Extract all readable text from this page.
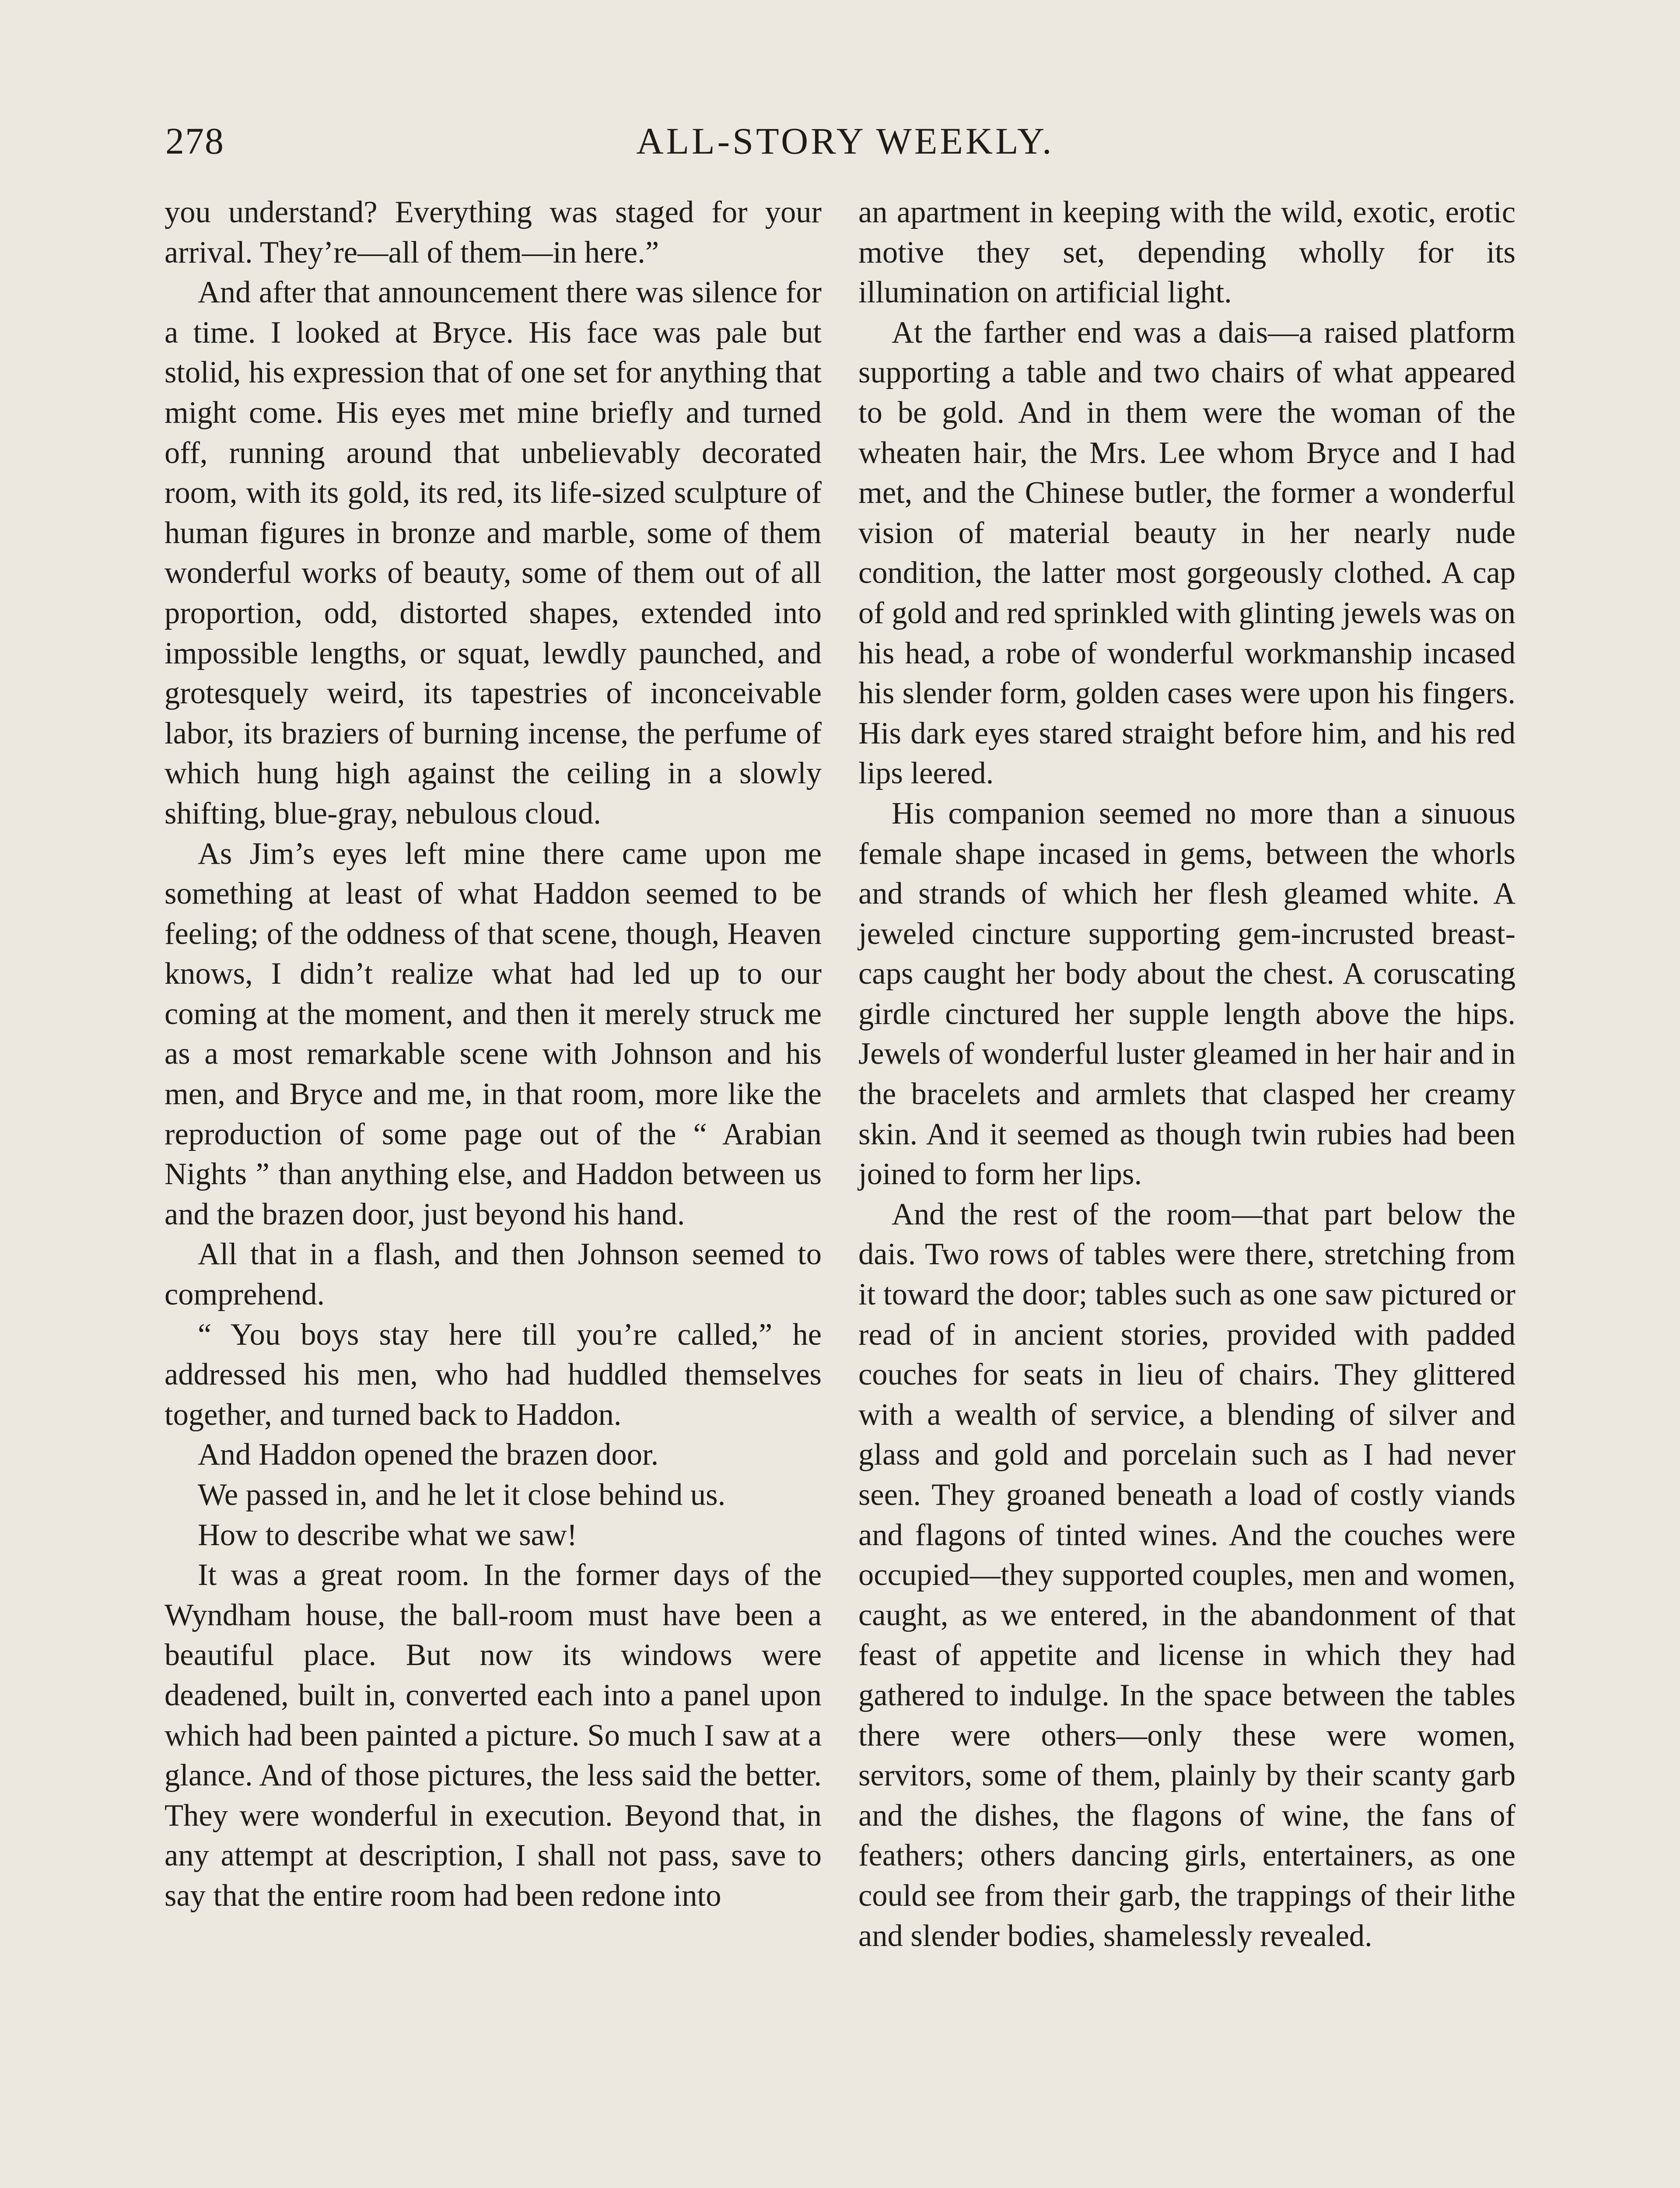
278	ALL-STORY WEEKLY.

you understand? Everything was staged for your arrival. They’re—all of them—in here.”

And after that announcement there was silence for a time. I looked at Bryce. His face was pale but stolid, his expression that of one set for anything that might come. His eyes met mine briefly and turned off, running around that unbelievably decorated room, with its gold, its red, its life-sized sculpture of human figures in bronze and marble, some of them wonderful works of beauty, some of them out of all proportion, odd, distorted shapes, extended into impossible lengths, or squat, lewdly paunched, and grotesquely weird, its tapestries of inconceivable labor, its braziers of burning incense, the perfume of which hung high against the ceiling in a slowly shifting, blue-gray, nebulous cloud.

As Jim’s eyes left mine there came upon me something at least of what Haddon seemed to be feeling; of the oddness of that scene, though, Heaven knows, I didn’t realize what had led up to our coming at the moment, and then it merely struck me as a most remarkable scene with Johnson and his men, and Bryce and me, in that room, more like the reproduction of some page out of the “ Arabian Nights ” than anything else, and Haddon between us and the brazen door, just beyond his hand.

All that in a flash, and then Johnson seemed to comprehend.

“ You boys stay here till you’re called,” he addressed his men, who had huddled themselves together, and turned back to Haddon.

And Haddon opened the brazen door.

We passed in, and he let it close behind us.

How to describe what we saw!

It was a great room. In the former days of the Wyndham house, the ball-room must have been a beautiful place. But now its windows were deadened, built in, converted each into a panel upon which had been painted a picture. So much I saw at a glance. And of those pictures, the less said the better. They were wonderful in execution. Beyond that, in any attempt at description, I shall not pass, save to say that the entire room had been redone into

an apartment in keeping with the wild, exotic, erotic motive they set, depending wholly for its illumination on artificial light.

At the farther end was a dais—a raised platform supporting a table and two chairs of what appeared to be gold. And in them were the woman of the wheaten hair, the Mrs. Lee whom Bryce and I had met, and the Chinese butler, the former a wonderful vision of material beauty in her nearly nude condition, the latter most gorgeously clothed. A cap of gold and red sprinkled with glinting jewels was on his head, a robe of wonderful workmanship incased his slender form, golden cases were upon his fingers. His dark eyes stared straight before him, and his red lips leered.

His companion seemed no more than a sinuous female shape incased in gems, between the whorls and strands of which her flesh gleamed white. A jeweled cincture supporting gem-incrusted breast-caps caught her body about the chest. A coruscating girdle cinctured her supple length above the hips. Jewels of wonderful luster gleamed in her hair and in the bracelets and armlets that clasped her creamy skin. And it seemed as though twin rubies had been joined to form her lips.

And the rest of the room—that part below the dais. Two rows of tables were there, stretching from it toward the door; tables such as one saw pictured or read of in ancient stories, provided with padded couches for seats in lieu of chairs. They glittered with a wealth of service, a blending of silver and glass and gold and porcelain such as I had never seen. They groaned beneath a load of costly viands and flagons of tinted wines. And the couches were occupied—they supported couples, men and women, caught, as we entered, in the abandonment of that feast of appetite and license in which they had gathered to indulge. In the space between the tables there were others—only these were women, servitors, some of them, plainly by their scanty garb and the dishes, the flagons of wine, the fans of feathers; others dancing girls, entertainers, as one could see from their garb, the trappings of their lithe and slender bodies, shamelessly revealed.
